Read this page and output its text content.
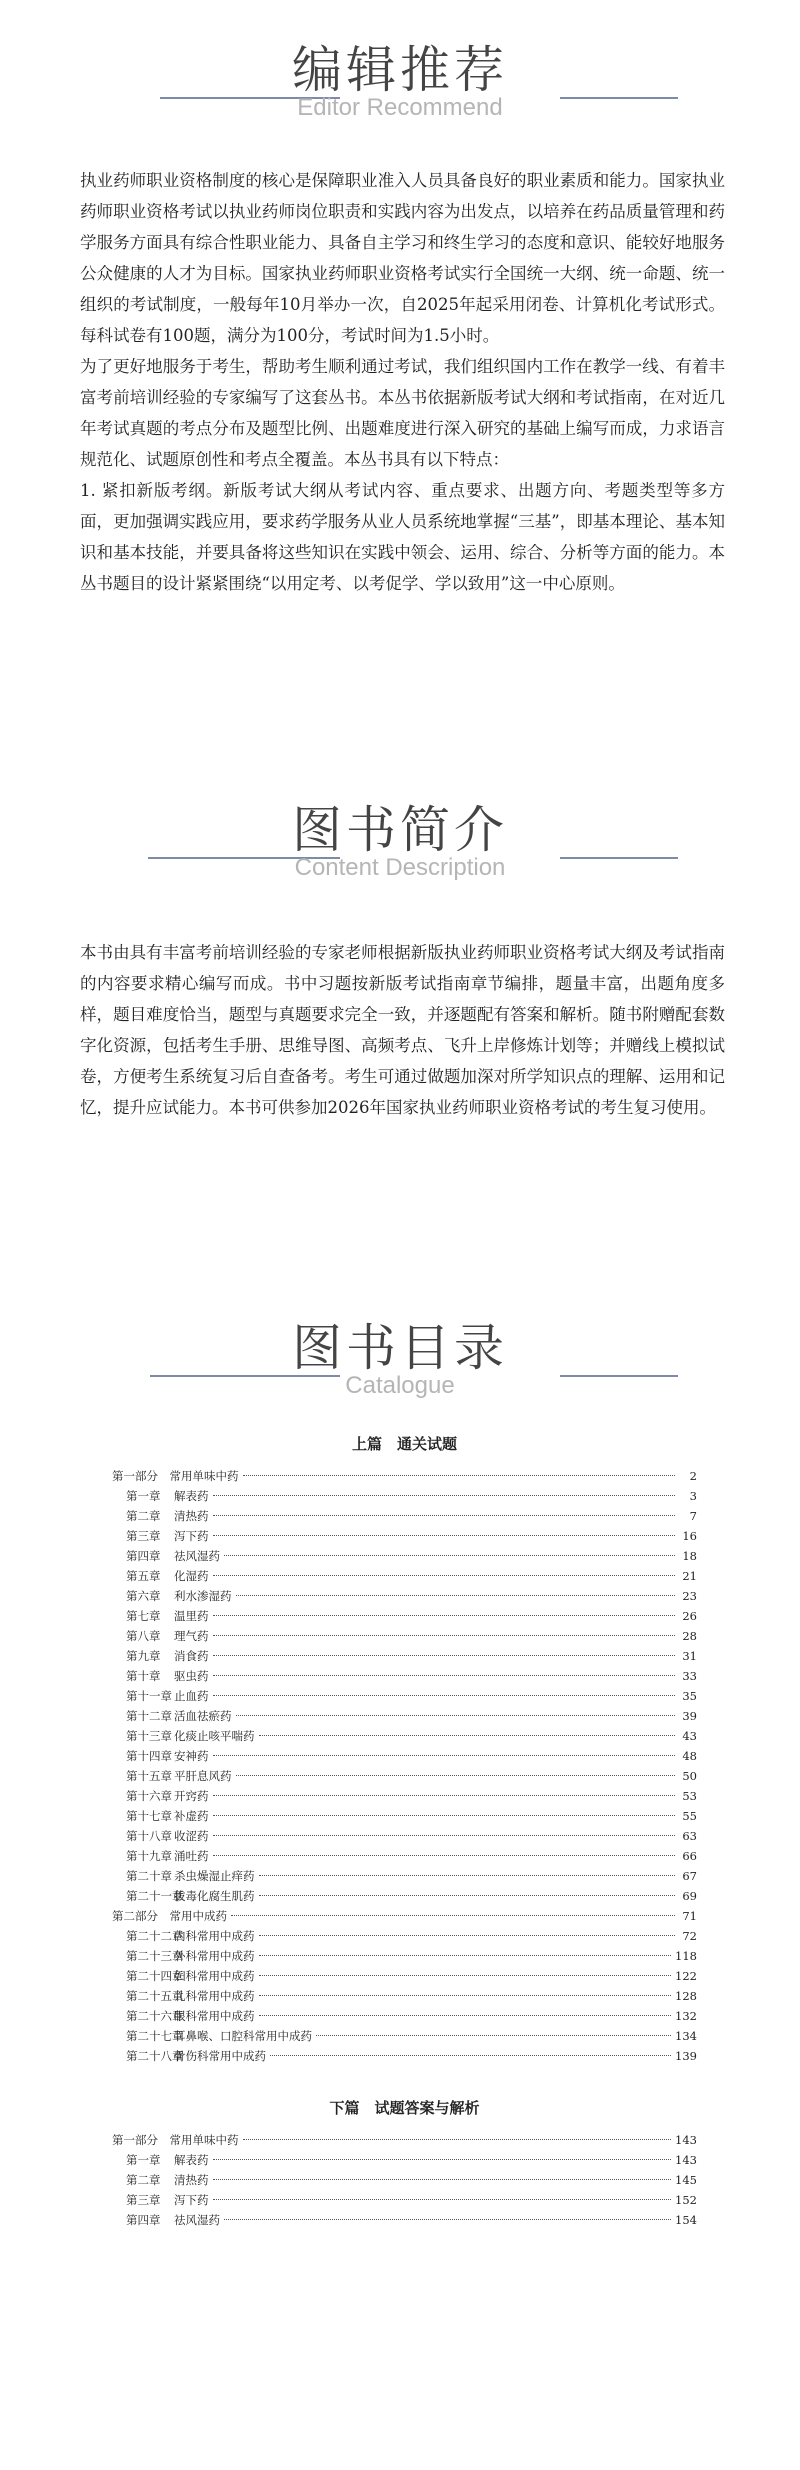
编辑推荐
Editor Recommend

执业药师职业资格制度的核心是保障职业准入人员具备良好的职业素质和能力。国家执业药师职业资格考试以执业药师岗位职责和实践内容为出发点，以培养在药品质量管理和药学服务方面具有综合性职业能力、具备自主学习和终生学习的态度和意识、能较好地服务公众健康的人才为目标。国家执业药师职业资格考试实行全国统一大纲、统一命题、统一组织的考试制度，一般每年10月举办一次，自2025年起采用闭卷、计算机化考试形式。每科试卷有100题，满分为100分，考试时间为1.5小时。

为了更好地服务于考生，帮助考生顺利通过考试，我们组织国内工作在教学一线、有着丰富考前培训经验的专家编写了这套丛书。本丛书依据新版考试大纲和考试指南，在对近几年考试真题的考点分布及题型比例、出题难度进行深入研究的基础上编写而成，力求语言规范化、试题原创性和考点全覆盖。本丛书具有以下特点：

1. 紧扣新版考纲。新版考试大纲从考试内容、重点要求、出题方向、考题类型等多方面，更加强调实践应用，要求药学服务从业人员系统地掌握“三基”，即基本理论、基本知识和基本技能，并要具备将这些知识在实践中领会、运用、综合、分析等方面的能力。本丛书题目的设计紧紧围绕“以用定考、以考促学、学以致用”这一中心原则。

图书简介
Content Description

本书由具有丰富考前培训经验的专家老师根据新版执业药师职业资格考试大纲及考试指南的内容要求精心编写而成。书中习题按新版考试指南章节编排，题量丰富，出题角度多样，题目难度恰当，题型与真题要求完全一致，并逐题配有答案和解析。随书附赠配套数字化资源，包括考生手册、思维导图、高频考点、飞升上岸修炼计划等；并赠线上模拟试卷，方便考生系统复习后自查备考。考生可通过做题加深对所学知识点的理解、运用和记忆，提升应试能力。本书可供参加2026年国家执业药师职业资格考试的考生复习使用。

图书目录
Catalogue
上篇　通关试题
第一部分　 常用单味中药	2
第一章 解表药	3
第二章 清热药	7
第三章 泻下药	16
第四章 祛风湿药	18
第五章 化湿药	21
第六章 利水渗湿药	23
第七章 温里药	26
第八章 理气药	28
第九章 消食药	31
第十章 驱虫药	33
第十一章 止血药	35
第十二章 活血祛瘀药	39
第十三章 化痰止咳平喘药	43
第十四章 安神药	48
第十五章 平肝息风药	50
第十六章 开窍药	53
第十七章 补虚药	55
第十八章 收涩药	63
第十九章 涌吐药	66
第二十章 杀虫燥湿止痒药	67
第二十一章拔毒化腐生肌药	69
第二部分　 常用中成药	71
第二十二章内科常用中成药	72
第二十三章外科常用中成药	118
第二十四章妇科常用中成药	122
第二十五章儿科常用中成药	128
第二十六章眼科常用中成药	132
第二十七章耳鼻喉、口腔科常用中成药	134
第二十八章骨伤科常用中成药	139
下篇　试题答案与解析
第一部分　 常用单味中药	143
第一章 解表药	143
第二章 清热药	145
第三章 泻下药	152
第四章 祛风湿药	154
